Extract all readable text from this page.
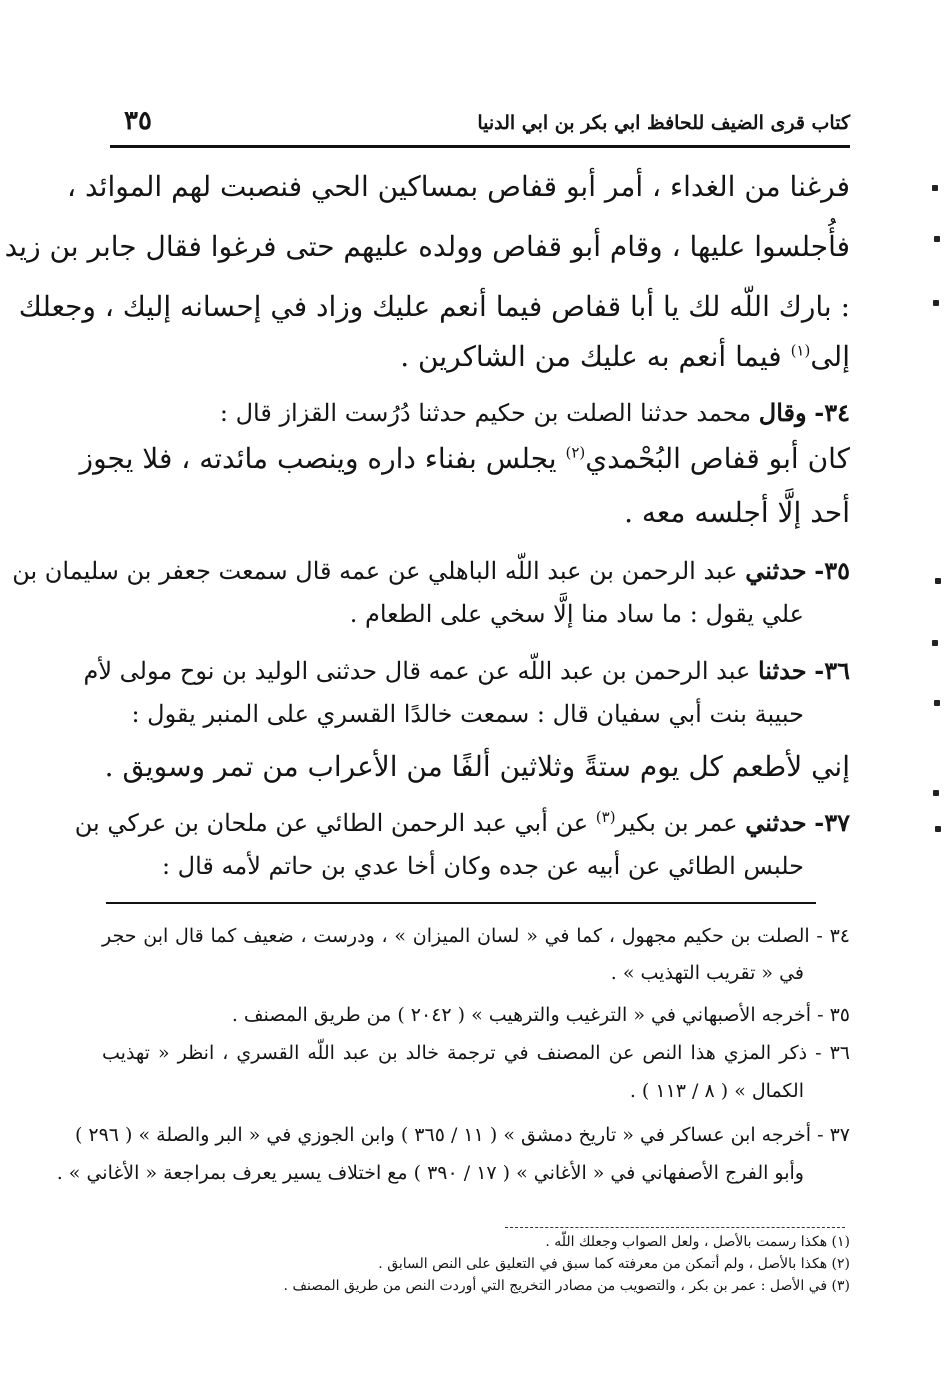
كتاب قرى الضيف للحافظ ابي بكر بن ابي الدنيا
٣٥
فرغنا من الغداء ، أمر أبو قفاص بمساكين الحي فنصبت لهم الموائد ،
فأُجلسوا عليها ، وقام أبو قفاص وولده عليهم حتى فرغوا فقال جابر بن زيد
: بارك اللّه لك يا أبا قفاص فيما أنعم عليك وزاد في إحسانه إليك ، وجعلك
إلى$^{(١)}$ فيما أنعم به عليك من الشاكرين .
٣٤- وقال محمد حدثنا الصلت بن حكيم حدثنا دُرُست القزاز قال :
كان أبو قفاص البُحْمدي$^{(٢)}$ يجلس بفناء داره وينصب مائدته ، فلا يجوز
أحد إلَّا أجلسه معه .
٣٥- حدثني عبد الرحمن بن عبد اللّه الباهلي عن عمه قال سمعت جعفر بن سليمان بن
علي يقول : ما ساد منا إلَّا سخي على الطعام .
٣٦- حدثنا عبد الرحمن بن عبد اللّه عن عمه قال حدثنى الوليد بن نوح مولى لأم
حبيبة بنت أبي سفيان قال : سمعت خالدًا القسري على المنبر يقول :
إني لأطعم كل يوم ستةً وثلاثين ألفًا من الأعراب من تمر وسويق .
٣٧- حدثني عمر بن بكير$^{(٣)}$ عن أبي عبد الرحمن الطائي عن ملحان بن عركي بن
حلبس الطائي عن أبيه عن جده وكان أخا عدي بن حاتم لأمه قال :
٣٤ - الصلت بن حكيم مجهول ، كما في « لسان الميزان » ، ودرست ، ضعيف كما قال ابن حجر
في « تقريب التهذيب » .
٣٥ - أخرجه الأصبهاني في « الترغيب والترهيب » ( ٢٠٤٢ ) من طريق المصنف .
٣٦ - ذكر المزي هذا النص عن المصنف في ترجمة خالد بن عبد اللّه القسري ، انظر « تهذيب
الكمال » ( ٨ / ١١٣ ) .
٣٧ - أخرجه ابن عساكر في « تاريخ دمشق » ( ١١ / ٣٦٥ ) وابن الجوزي في « البر والصلة » ( ٢٩٦ )
وأبو الفرج الأصفهاني في « الأغاني » ( ١٧ / ٣٩٠ ) مع اختلاف يسير يعرف بمراجعة « الأغاني » .
(١) هكذا رسمت بالأصل ، ولعل الصواب وجعلك اللّه .
(٢) هكذا بالأصل ، ولم أتمكن من معرفته كما سبق في التعليق على النص السابق .
(٣) في الأصل : عمر بن بكر ، والتصويب من مصادر التخريج التي أوردت النص من طريق المصنف .
